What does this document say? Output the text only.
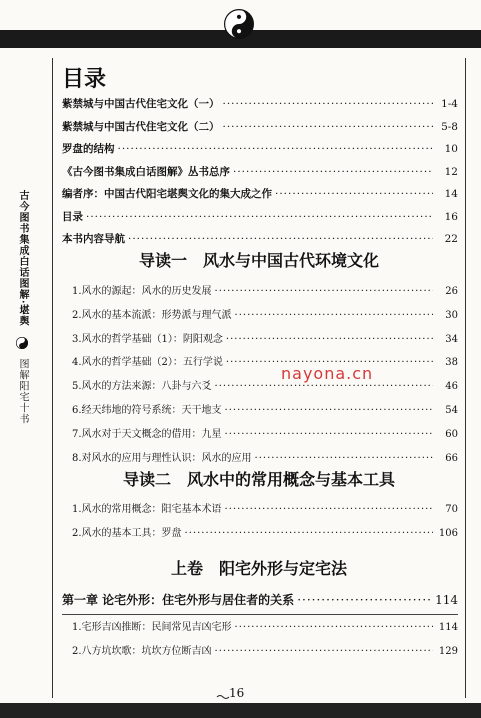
古今图书集成白话图解·堪舆  图解阳宅十书
目录
紫禁城与中国古代住宅文化（一） ·····	1-4
紫禁城与中国古代住宅文化（二） ·····	5-8
罗盘的结构 ·····	10
《古今图书集成白话图解》丛书总序 ·····	12
编者序：中国古代阳宅堪舆文化的集大成之作 ·····	14
目录 ·····	16
本书内容导航 ·····	22
导读一　风水与中国古代环境文化
1.风水的源起：风水的历史发展 ·····	26
2.风水的基本流派：形势派与理气派 ·····	30
3.风水的哲学基础（1）：阴阳观念 ·····	34
4.风水的哲学基础（2）：五行学说 ·····	38
5.风水的方法来源：八卦与六爻 ·····	46
6.经天纬地的符号系统：天干地支 ·····	54
7.风水对于天文概念的借用：九星 ·····	60
8.对风水的应用与理性认识：风水的应用 ·····	66
nayona.cn
导读二　风水中的常用概念与基本工具
1.风水的常用概念：阳宅基本术语 ·····	70
2.风水的基本工具：罗盘 ·····	106
上卷　阳宅外形与定宅法
第一章 论宅外形：住宅外形与居住者的关系 ·····	114
1.宅形吉凶推断：民间常见吉凶宅形 ·····	114
2.八方坑坎歌：坑坎方位断吉凶 ·····	129
16
